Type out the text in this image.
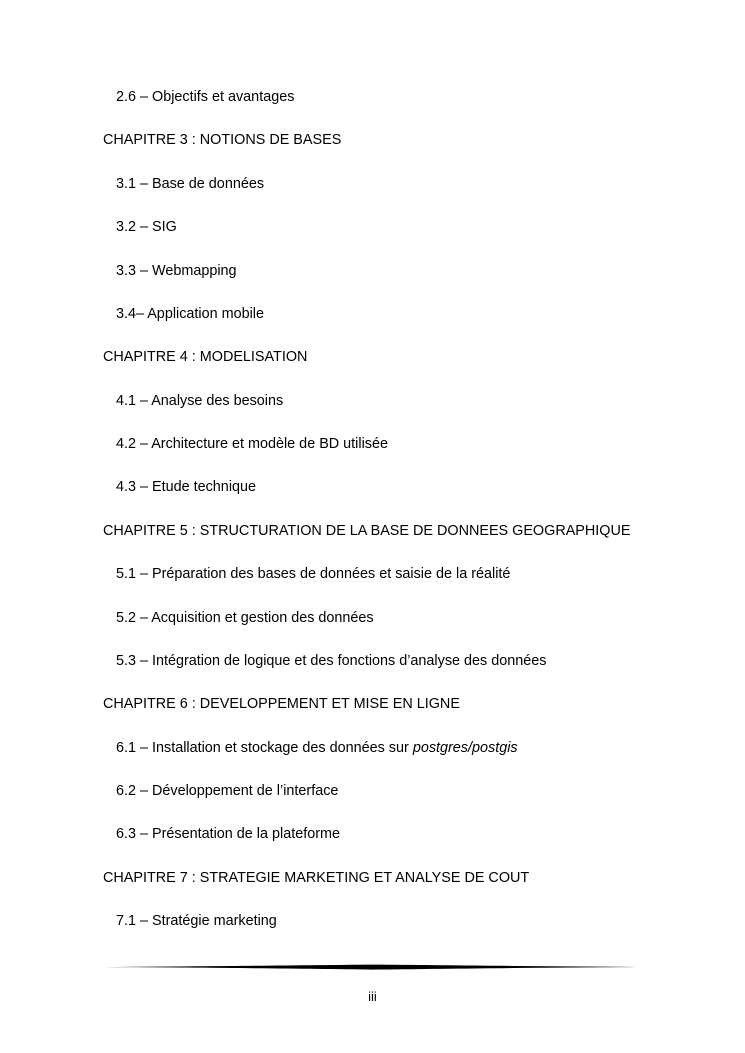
2.6 – Objectifs et avantages
CHAPITRE 3 : NOTIONS DE BASES
3.1 – Base de données
3.2 – SIG
3.3 – Webmapping
3.4– Application mobile
CHAPITRE 4 : MODELISATION
4.1 – Analyse des besoins
4.2 – Architecture et modèle de BD utilisée
4.3 – Etude technique
CHAPITRE 5 : STRUCTURATION DE LA BASE DE DONNEES GEOGRAPHIQUE
5.1 – Préparation des bases de données et saisie de la réalité
5.2 – Acquisition et gestion des données
5.3 – Intégration de logique et des fonctions d’analyse des données
CHAPITRE 6 : DEVELOPPEMENT ET MISE EN LIGNE
6.1 – Installation et stockage des données sur postgres/postgis
6.2 – Développement de l’interface
6.3 – Présentation de la plateforme
CHAPITRE 7 : STRATEGIE MARKETING ET ANALYSE DE COUT
7.1 – Stratégie marketing
iii
